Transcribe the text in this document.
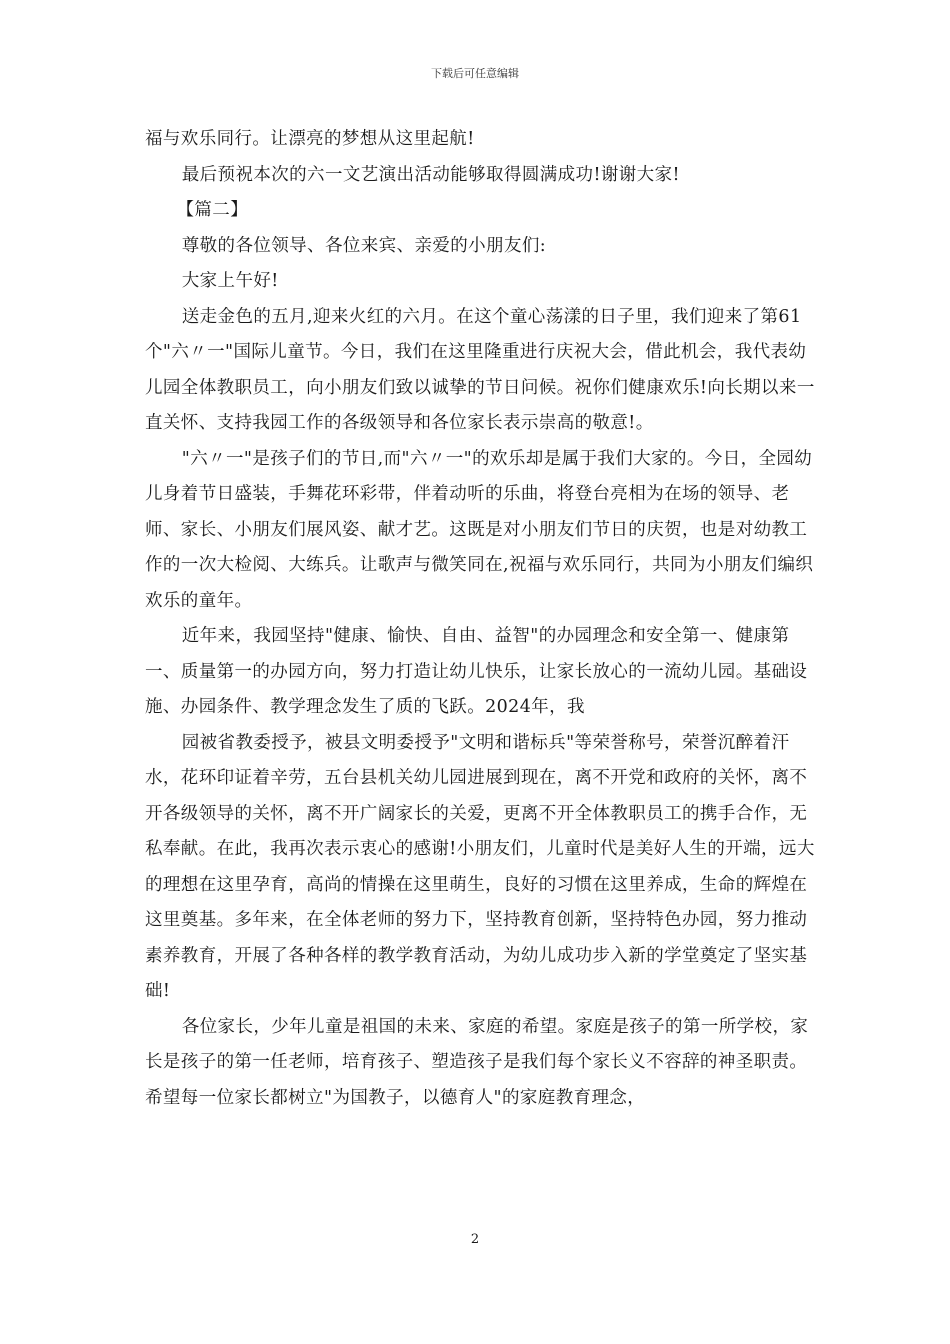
下载后可任意编辑

福与欢乐同行。让漂亮的梦想从这里起航!

最后预祝本次的六一文艺演出活动能够取得圆满成功!谢谢大家!

【篇二】

尊敬的各位领导、各位来宾、亲爱的小朋友们:

大家上午好!

送走金色的五月,迎来火红的六月。在这个童心荡漾的日子里，我们迎来了第61个"六〃一"国际儿童节。今日，我们在这里隆重进行庆祝大会，借此机会，我代表幼儿园全体教职员工，向小朋友们致以诚挚的节日问候。祝你们健康欢乐!向长期以来一直关怀、支持我园工作的各级领导和各位家长表示崇高的敬意!。

"六〃一"是孩子们的节日,而"六〃一"的欢乐却是属于我们大家的。今日，全园幼儿身着节日盛装，手舞花环彩带，伴着动听的乐曲，将登台亮相为在场的领导、老师、家长、小朋友们展风姿、献才艺。这既是对小朋友们节日的庆贺，也是对幼教工作的一次大检阅、大练兵。让歌声与微笑同在,祝福与欢乐同行，共同为小朋友们编织欢乐的童年。

近年来，我园坚持"健康、愉快、自由、益智"的办园理念和安全第一、健康第一、质量第一的办园方向，努力打造让幼儿快乐，让家长放心的一流幼儿园。基础设施、办园条件、教学理念发生了质的飞跃。2024年，我

园被省教委授予，被县文明委授予"文明和谐标兵"等荣誉称号，荣誉沉醉着汗水，花环印证着辛劳，五台县机关幼儿园进展到现在，离不开党和政府的关怀，离不开各级领导的关怀，离不开广阔家长的关爱，更离不开全体教职员工的携手合作，无私奉献。在此，我再次表示衷心的感谢!小朋友们，儿童时代是美好人生的开端，远大的理想在这里孕育，高尚的情操在这里萌生，良好的习惯在这里养成，生命的辉煌在这里奠基。多年来，在全体老师的努力下，坚持教育创新，坚持特色办园，努力推动素养教育，开展了各种各样的教学教育活动，为幼儿成功步入新的学堂奠定了坚实基础!

各位家长，少年儿童是祖国的未来、家庭的希望。家庭是孩子的第一所学校，家长是孩子的第一任老师，培育孩子、塑造孩子是我们每个家长义不容辞的神圣职责。希望每一位家长都树立"为国教子，以德育人"的家庭教育理念，

2
